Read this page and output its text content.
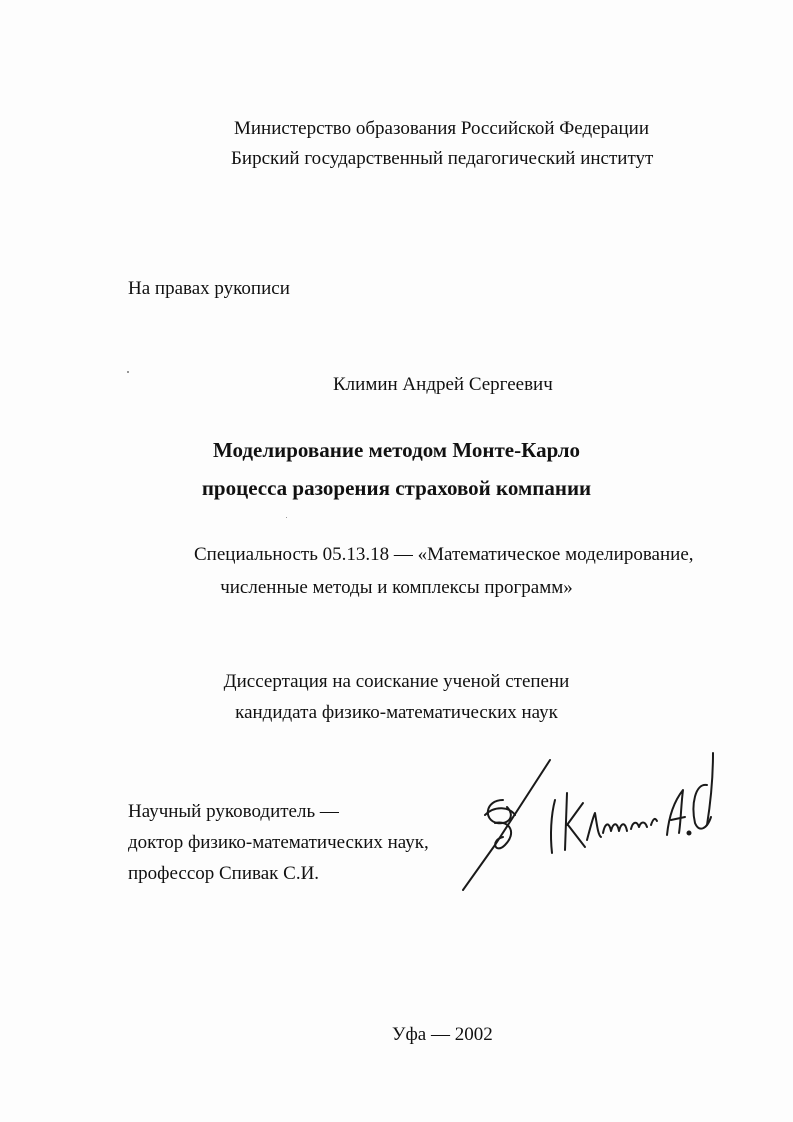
Министерство образования Российской Федерации
Бирский государственный педагогический институт
На правах рукописи
Климин Андрей Сергеевич
Моделирование методом Монте-Карло
процесса разорения страховой компании
Специальность 05.13.18 — «Математическое моделирование,
численные методы и комплексы программ»
Диссертация на соискание ученой степени
кандидата физико-математических наук
Научный руководитель —
доктор физико-математических наук,
профессор Спивак С.И.
Уфа — 2002
